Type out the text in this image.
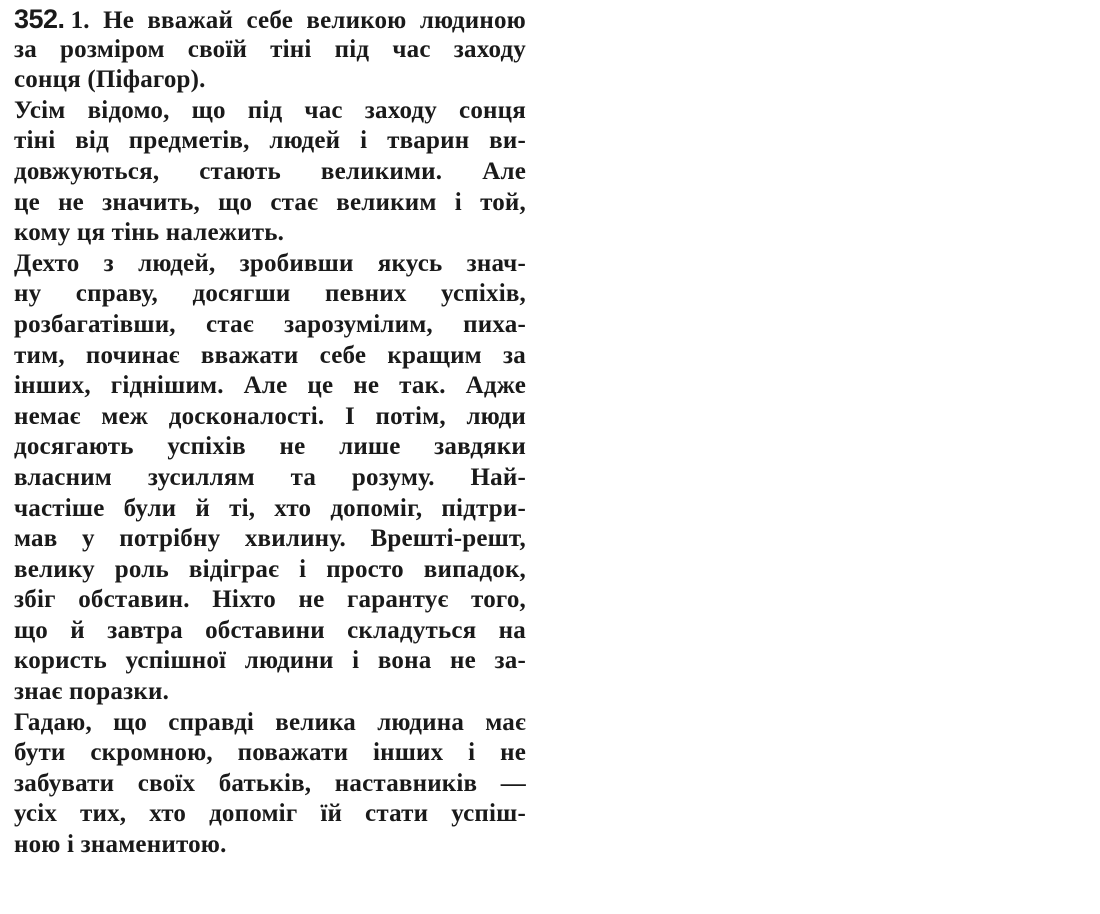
352. 1. Не вважай себе великою людиною
за розміром своїй тіні під час заходу
сонця (Піфагор).
Усім відомо, що під час заходу сонця
тіні від предметів, людей і тварин ви-
довжуються, стають великими. Але
це не значить, що стає великим і той,
кому ця тінь належить.
Дехто з людей, зробивши якусь знач-
ну справу, досягши певних успіхів,
розбагатівши, стає зарозумілим, пиха-
тим, починає вважати себе кращим за
інших, гіднішим. Але це не так. Адже
немає меж досконалості. І потім, люди
досягають успіхів не лише завдяки
власним зусиллям та розуму. Най-
частіше були й ті, хто допоміг, підтри-
мав у потрібну хвилину. Врешті-решт,
велику роль відіграє і просто випадок,
збіг обставин. Ніхто не гарантує того,
що й завтра обставини складуться на
користь успішної людини і вона не за-
знає поразки.
Гадаю, що справді велика людина має
бути скромною, поважати інших і не
забувати своїх батьків, наставників —
усіх тих, хто допоміг їй стати успіш-
ною і знаменитою.
